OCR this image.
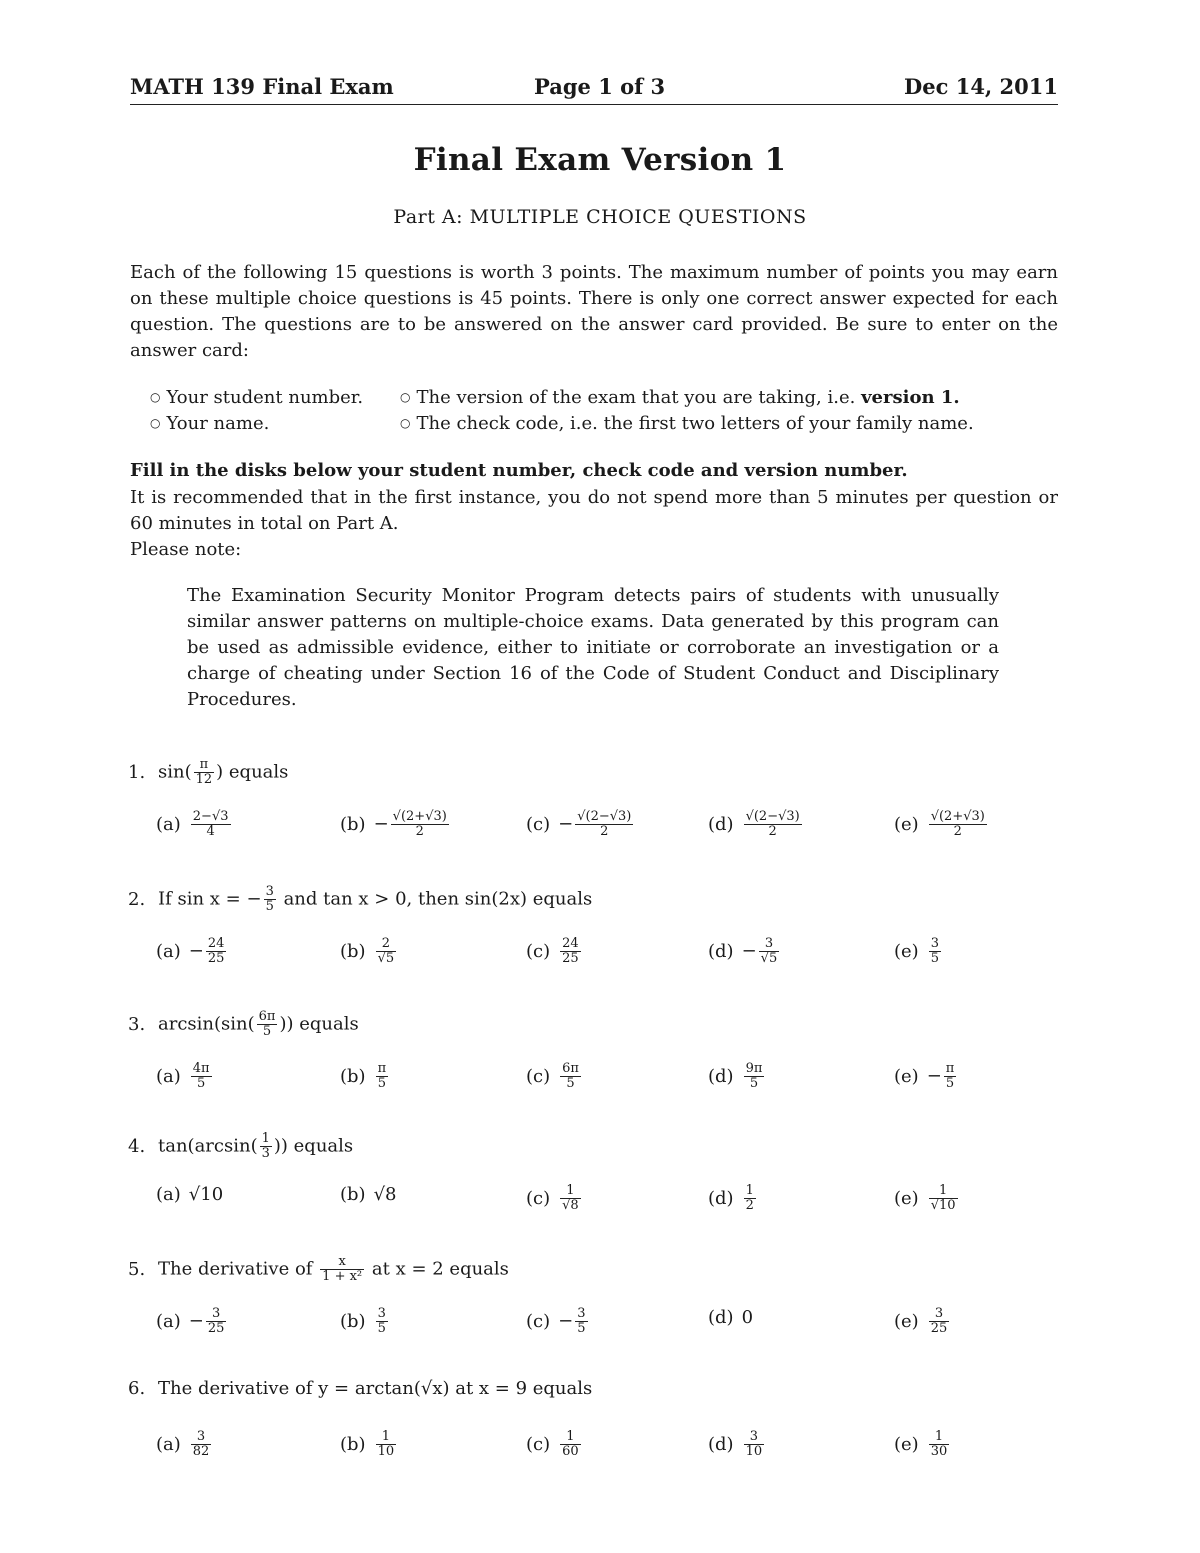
MATH 139 Final Exam	Page 1 of 3	Dec 14, 2011
Final Exam Version 1
Part A: MULTIPLE CHOICE QUESTIONS
Each of the following 15 questions is worth 3 points. The maximum number of points you may earn on these multiple choice questions is 45 points. There is only one correct answer expected for each question. The questions are to be answered on the answer card provided. Be sure to enter on the answer card:
○ Your student number.	○ The version of the exam that you are taking, i.e. version 1.
○ Your name.	○ The check code, i.e. the first two letters of your family name.
Fill in the disks below your student number, check code and version number.
It is recommended that in the first instance, you do not spend more than 5 minutes per question or 60 minutes in total on Part A.
Please note:
The Examination Security Monitor Program detects pairs of students with unusually similar answer patterns on multiple-choice exams. Data generated by this program can be used as admissible evidence, either to initiate or corroborate an investigation or a charge of cheating under Section 16 of the Code of Student Conduct and Disciplinary Procedures.
1. $\sin( \frac{\pi}{12}$ ) equals
$(a) \frac{2-√3}{4}$	$(b) - \frac{√(2+√3)}{2}$	$(c) - \frac{√(2-√3)}{2}$	$(d) \frac{√(2-√3)}{2}$	$(e) \frac{√(2+√3)}{2}$
2. If sin x = − $\frac{3}{5}$ and tan x > 0, then sin(2x) equals
$(a) - \frac{24}{25}$	$(b) \frac{2}{√5}$	$(c) \frac{24}{25}$	$(d) - \frac{3}{√5}$	$(e) \frac{3}{5}$
3. $\arcsin(\sin( \frac{6\pi}{5}$ )) equals
$(a) \frac{4\pi}{5}$	$(b) \frac{\pi}{5}$	$(c) \frac{6\pi}{5}$	$(d) \frac{9\pi}{5}$	$(e) - \frac{\pi}{5}$
4. $\tan(\arcsin( \frac{1}{3}$ )) equals
(a) √10	(b) √8	$(c) \frac{1}{√8}$	$(d) \frac{1}{2}$	$(e) \frac{1}{√10}$
5. The derivative of $\frac{x}{\text{1 + x²}}$ at x = 2 equals
$(a) - \frac{3}{25}$	$(b) \frac{3}{5}$	$(c) - \frac{3}{5}$	(d) 0	$(e) \frac{3}{25}$
6. The derivative of y = arctan(√x) at x = 9 equals
$(a) \frac{3}{82}$	$(b) \frac{1}{10}$	$(c) \frac{1}{60}$	$(d) \frac{3}{10}$	$(e) \frac{1}{30}$
